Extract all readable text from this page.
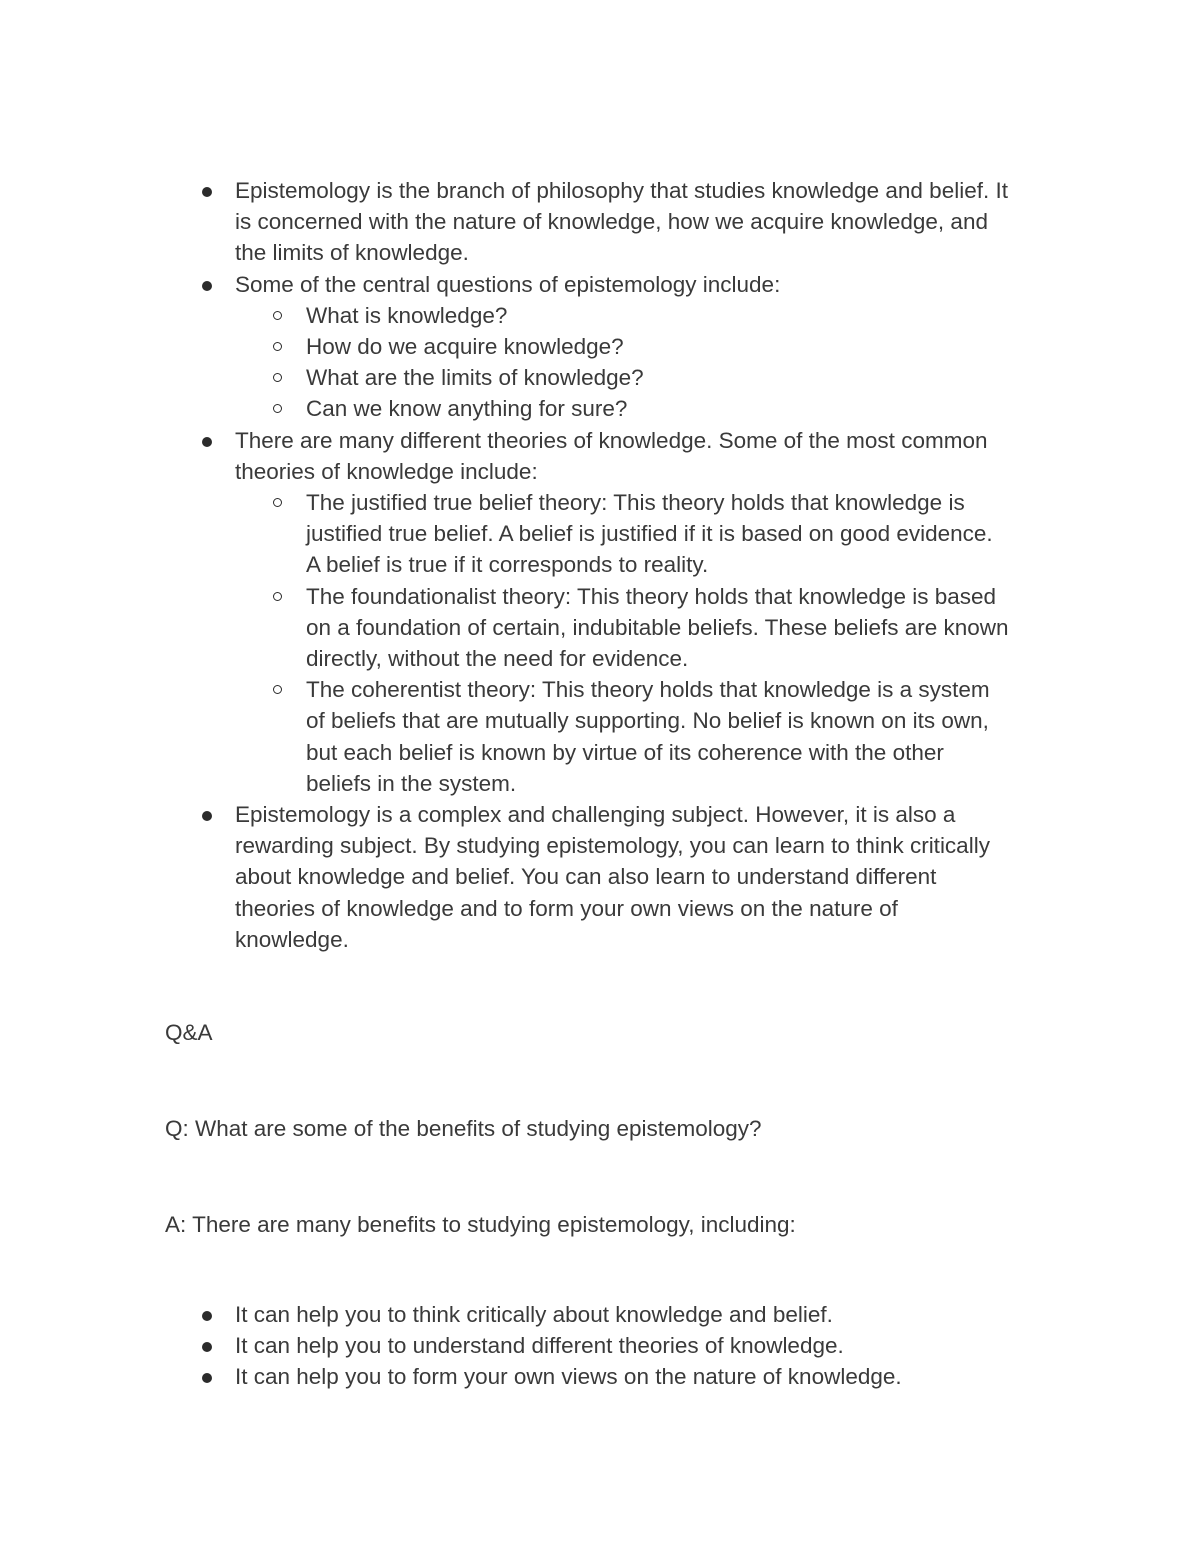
Epistemology is the branch of philosophy that studies knowledge and belief. It is concerned with the nature of knowledge, how we acquire knowledge, and the limits of knowledge.
Some of the central questions of epistemology include:
What is knowledge?
How do we acquire knowledge?
What are the limits of knowledge?
Can we know anything for sure?
There are many different theories of knowledge. Some of the most common theories of knowledge include:
The justified true belief theory: This theory holds that knowledge is justified true belief. A belief is justified if it is based on good evidence. A belief is true if it corresponds to reality.
The foundationalist theory: This theory holds that knowledge is based on a foundation of certain, indubitable beliefs. These beliefs are known directly, without the need for evidence.
The coherentist theory: This theory holds that knowledge is a system of beliefs that are mutually supporting. No belief is known on its own, but each belief is known by virtue of its coherence with the other beliefs in the system.
Epistemology is a complex and challenging subject. However, it is also a rewarding subject. By studying epistemology, you can learn to think critically about knowledge and belief. You can also learn to understand different theories of knowledge and to form your own views on the nature of knowledge.

Q&A

Q: What are some of the benefits of studying epistemology?

A: There are many benefits to studying epistemology, including:

It can help you to think critically about knowledge and belief.
It can help you to understand different theories of knowledge.
It can help you to form your own views on the nature of knowledge.
